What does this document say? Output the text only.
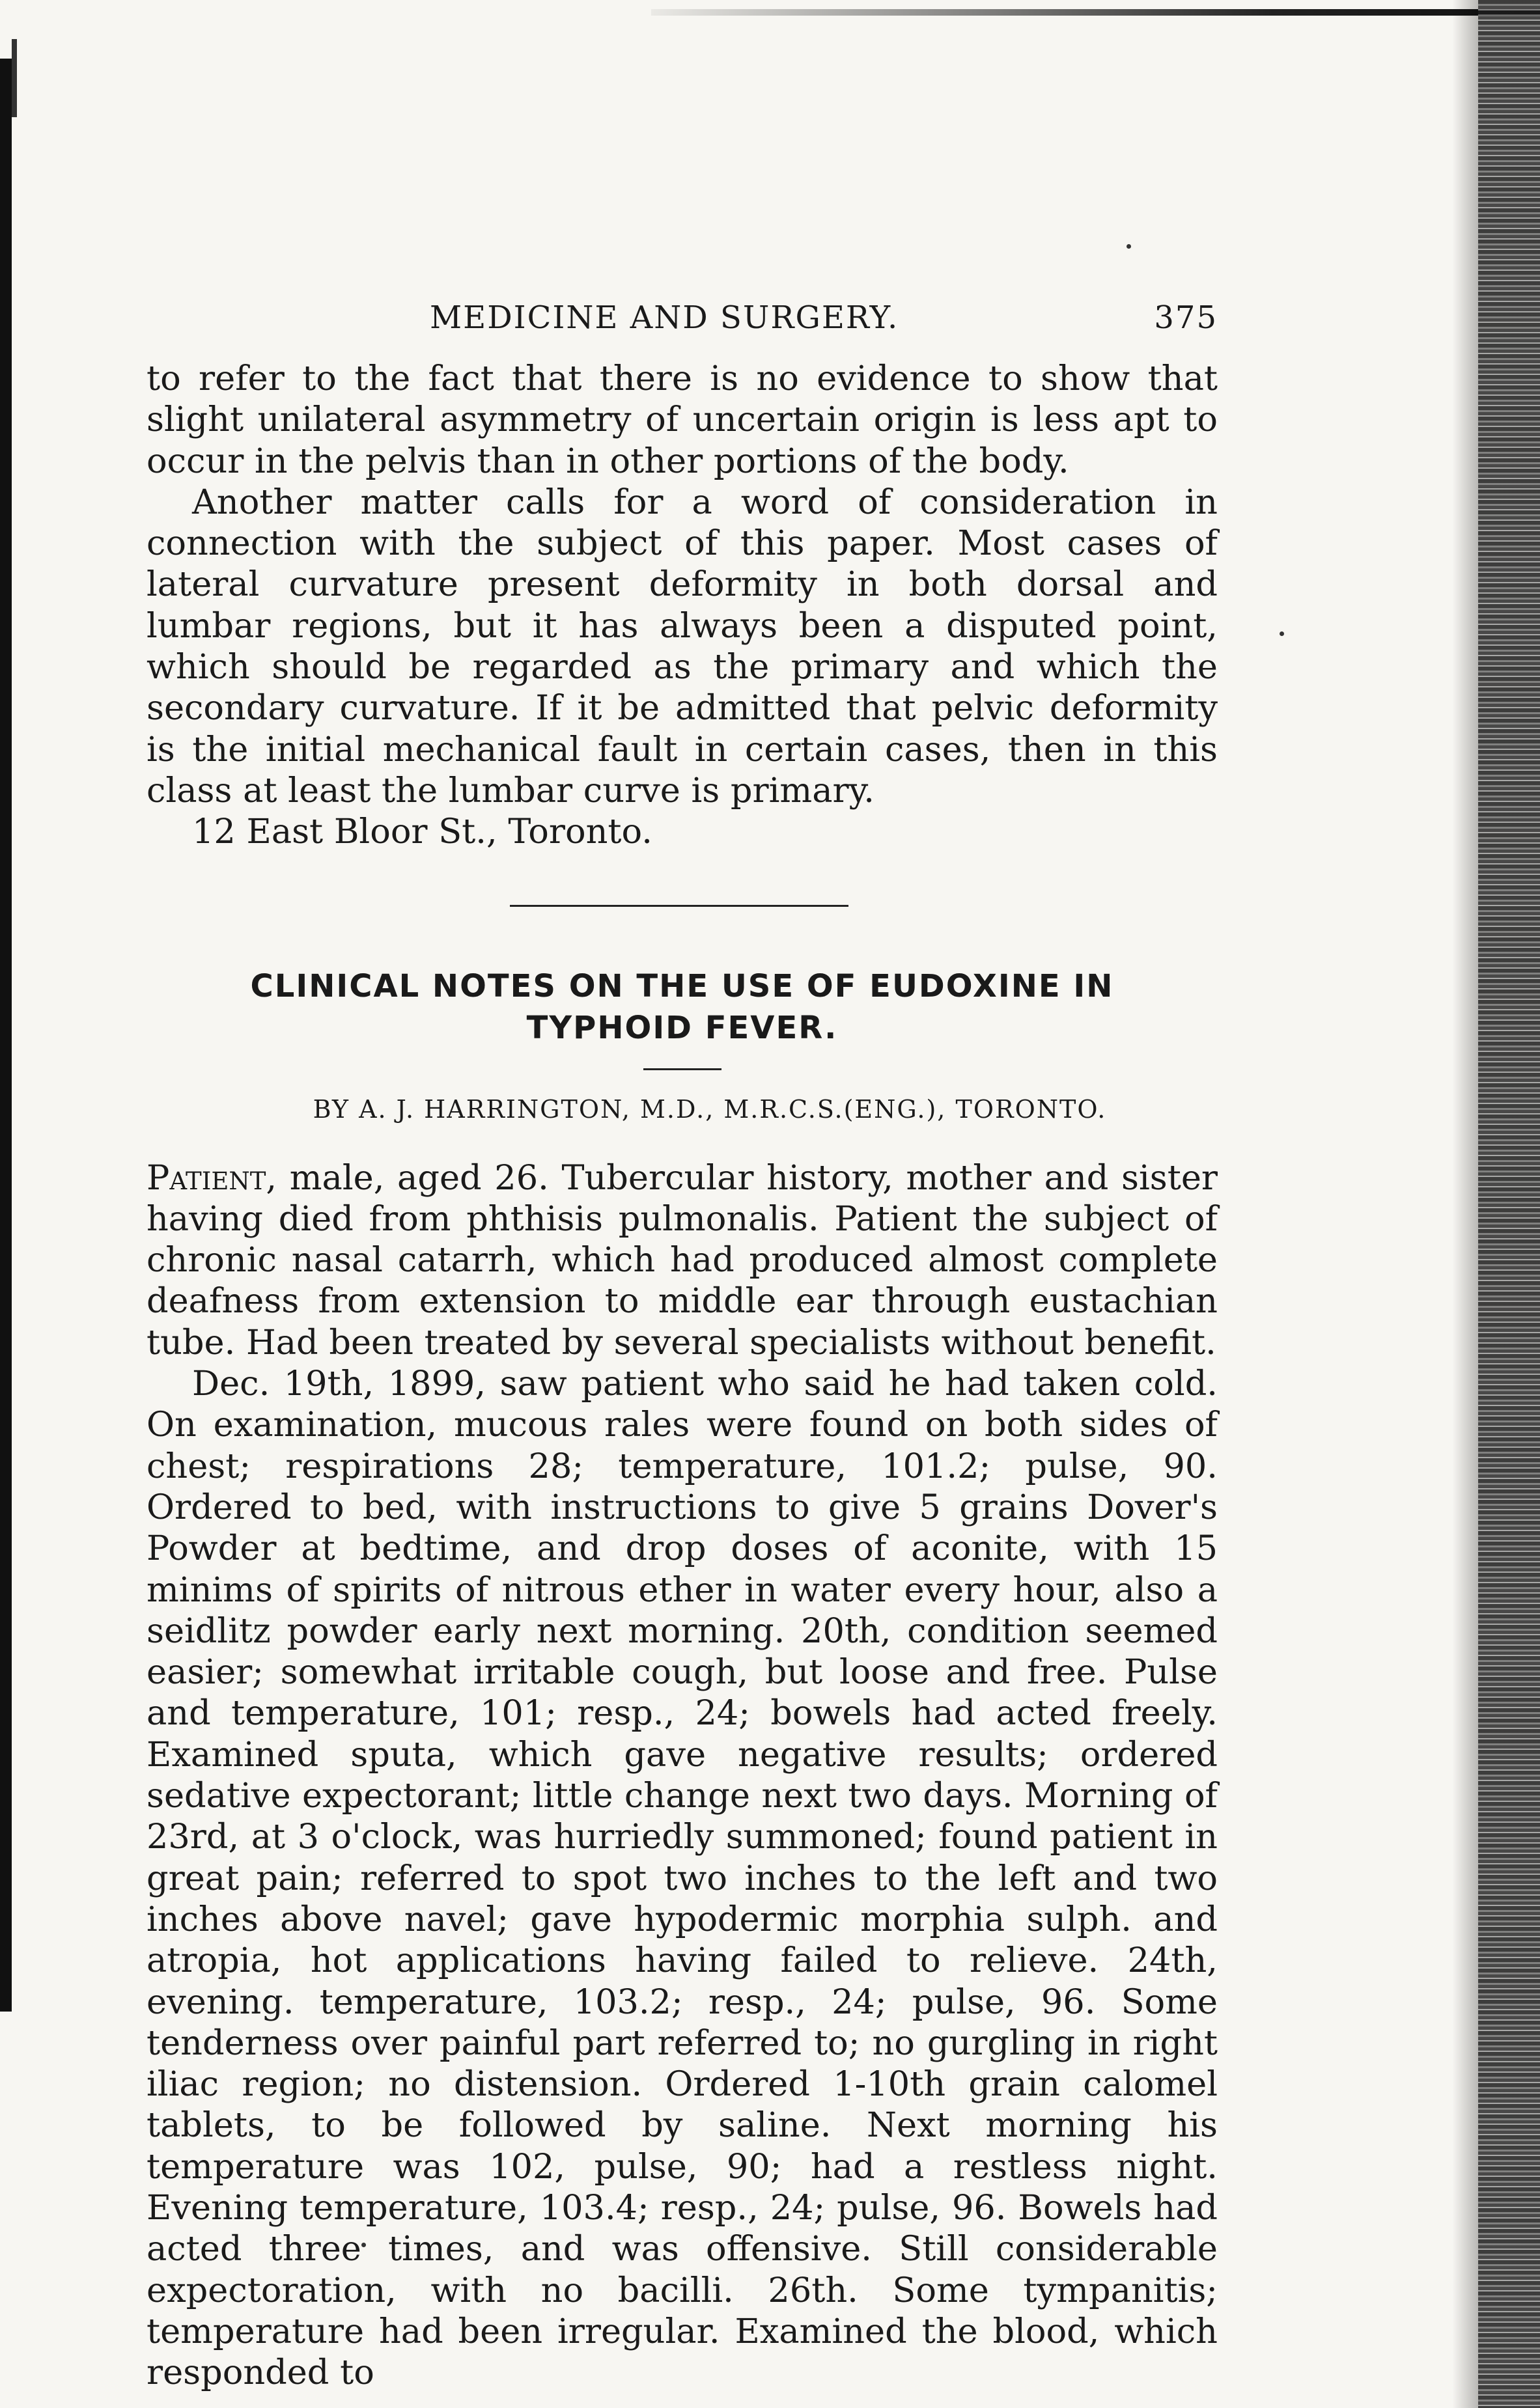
MEDICINE AND SURGERY.	375

to refer to the fact that there is no evidence to show that slight unilateral asymmetry of uncertain origin is less apt to occur in the pelvis than in other portions of the body.

Another matter calls for a word of consideration in connection with the subject of this paper. Most cases of lateral curvature present deformity in both dorsal and lumbar regions, but it has always been a disputed point, which should be regarded as the primary and which the secondary curvature. If it be admitted that pelvic deformity is the initial mechanical fault in certain cases, then in this class at least the lumbar curve is primary.

12 East Bloor St., Toronto.

CLINICAL NOTES ON THE USE OF EUDOXINE IN
TYPHOID FEVER.

BY A. J. HARRINGTON, M.D., M.R.C.S.(ENG.), TORONTO.

Patient, male, aged 26. Tubercular history, mother and sister having died from phthisis pulmonalis. Patient the subject of chronic nasal catarrh, which had produced almost complete deafness from extension to middle ear through eustachian tube. Had been treated by several specialists without benefit.

Dec. 19th, 1899, saw patient who said he had taken cold. On examination, mucous rales were found on both sides of chest; respirations 28; temperature, 101.2; pulse, 90. Ordered to bed, with instructions to give 5 grains Dover's Powder at bedtime, and drop doses of aconite, with 15 minims of spirits of nitrous ether in water every hour, also a seidlitz powder early next morning. 20th, condition seemed easier; somewhat irritable cough, but loose and free. Pulse and temperature, 101; resp., 24; bowels had acted freely. Examined sputa, which gave negative results; ordered sedative expectorant; little change next two days. Morning of 23rd, at 3 o'clock, was hurriedly summoned; found patient in great pain; referred to spot two inches to the left and two inches above navel; gave hypodermic morphia sulph. and atropia, hot applications having failed to relieve. 24th, evening. temperature, 103.2; resp., 24; pulse, 96. Some tenderness over painful part referred to; no gurgling in right iliac region; no distension. Ordered 1-10th grain calomel tablets, to be followed by saline. Next morning his temperature was 102, pulse, 90; had a restless night. Evening temperature, 103.4; resp., 24; pulse, 96. Bowels had acted three times, and was offensive. Still considerable expectoration, with no bacilli. 26th. Some tympanitis; temperature had been irregular. Examined the blood, which responded to
